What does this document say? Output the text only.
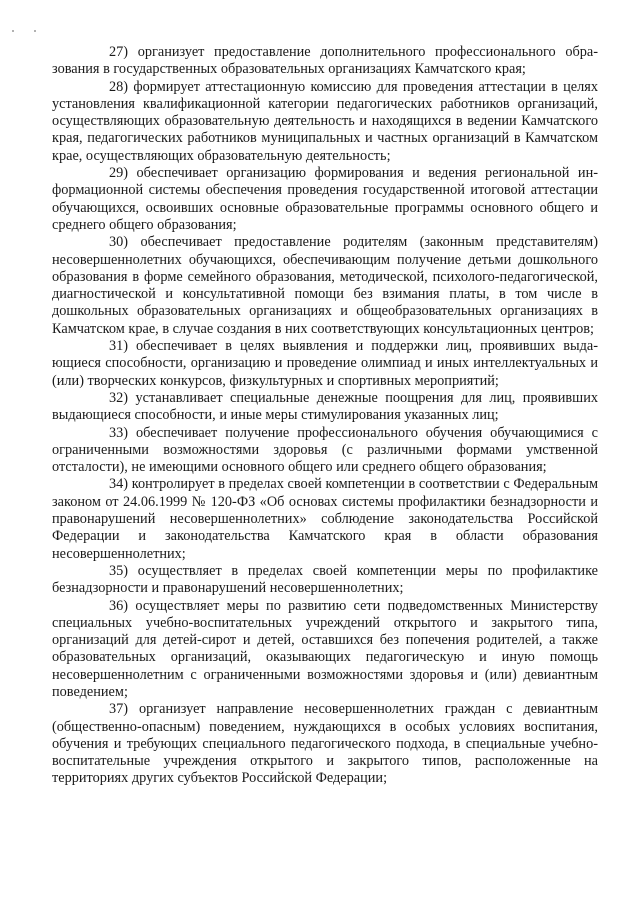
27) организует предоставление дополнительного профессионального образования в государственных образовательных организациях Камчатского края;

28) формирует аттестационную комиссию для проведения аттестации в целях установления квалификационной категории педагогических работников организаций, осуществляющих образовательную деятельность и находящихся в ведении Камчатского края, педагогических работников муниципальных и частных организаций в Камчатском крае, осуществляющих образовательную деятельность;

29) обеспечивает организацию формирования и ведения региональной информационной системы обеспечения проведения государственной итоговой аттестации обучающихся, освоивших основные образовательные программы основного общего и среднего общего образования;

30) обеспечивает предоставление родителям (законным представителям) несовершеннолетних обучающихся, обеспечивающим получение детьми дошкольного образования в форме семейного образования, методической, психолого-педагогической, диагностической и консультативной помощи без взимания платы, в том числе в дошкольных образовательных организациях и общеобразовательных организациях в Камчатском крае, в случае создания в них соответствующих консультационных центров;

31) обеспечивает в целях выявления и поддержки лиц, проявивших выдающиеся способности, организацию и проведение олимпиад и иных интеллектуальных и (или) творческих конкурсов, физкультурных и спортивных мероприятий;

32) устанавливает специальные денежные поощрения для лиц, проявивших выдающиеся способности, и иные меры стимулирования указанных лиц;

33) обеспечивает получение профессионального обучения обучающимися с ограниченными возможностями здоровья (с различными формами умственной отсталости), не имеющими основного общего или среднего общего образования;

34) контролирует в пределах своей компетенции в соответствии с Федеральным законом от 24.06.1999 № 120-ФЗ «Об основах системы профилактики безнадзорности и правонарушений несовершеннолетних» соблюдение законодательства Российской Федерации и законодательства Камчатского края в области образования несовершеннолетних;

35) осуществляет в пределах своей компетенции меры по профилактике безнадзорности и правонарушений несовершеннолетних;

36) осуществляет меры по развитию сети подведомственных Министерству специальных учебно-воспитательных учреждений открытого и закрытого типа, организаций для детей-сирот и детей, оставшихся без попечения родителей, а также образовательных организаций, оказывающих педагогическую и иную помощь несовершеннолетним с ограниченными возможностями здоровья и (или) девиантным поведением;

37) организует направление несовершеннолетних граждан с девиантным (общественно-опасным) поведением, нуждающихся в особых условиях воспитания, обучения и требующих специального педагогического подхода, в специальные учебно-воспитательные учреждения открытого и закрытого типов, расположенные на территориях других субъектов Российской Федерации;
